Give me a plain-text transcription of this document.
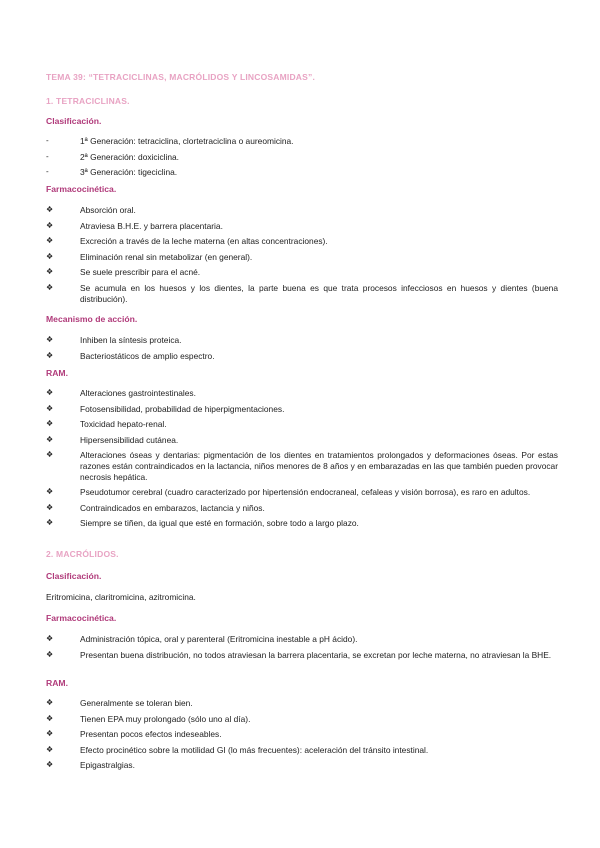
TEMA 39: “TETRACICLINAS, MACRÓLIDOS Y LINCOSAMIDAS”.
1. TETRACICLINAS.
Clasificación.
-	1ª Generación: tetraciclina, clortetraciclina o aureomicina.
-	2ª Generación: doxiciclina.
-	3ª Generación: tigeciclina.
Farmacocinética.
❖	Absorción oral.
❖	Atraviesa B.H.E. y barrera placentaria.
❖	Excreción a través de la leche materna (en altas concentraciones).
❖	Eliminación renal sin metabolizar (en general).
❖	Se suele prescribir para el acné.
❖	Se acumula en los huesos y los dientes, la parte buena es que trata procesos infecciosos en huesos y dientes (buena distribución).
Mecanismo de acción.
❖	Inhiben la síntesis proteica.
❖	Bacteriostáticos de amplio espectro.
RAM.
❖	Alteraciones gastrointestinales.
❖	Fotosensibilidad, probabilidad de hiperpigmentaciones.
❖	Toxicidad hepato-renal.
❖	Hipersensibilidad cutánea.
❖	Alteraciones óseas y dentarias: pigmentación de los dientes en tratamientos prolongados y deformaciones óseas. Por estas razones están contraindicados en la lactancia, niños menores de 8 años y en embarazadas en las que también pueden provocar necrosis hepática.
❖	Pseudotumor cerebral (cuadro caracterizado por hipertensión endocraneal, cefaleas y visión borrosa), es raro en adultos.
❖	Contraindicados en embarazos, lactancia y niños.
❖	Siempre se tiñen, da igual que esté en formación, sobre todo a largo plazo.
2. MACRÓLIDOS.
Clasificación.
Eritromicina, claritromicina, azitromicina.
Farmacocinética.
❖	Administración tópica, oral y parenteral (Eritromicina inestable a pH ácido).
❖	Presentan buena distribución, no todos atraviesan la barrera placentaria, se excretan por leche materna, no atraviesan la BHE.
RAM.
❖	Generalmente se toleran bien.
❖	Tienen EPA muy prolongado (sólo uno al día).
❖	Presentan pocos efectos indeseables.
❖	Efecto procinético sobre la motilidad GI (lo más frecuentes): aceleración del tránsito intestinal.
❖	Epigastralgias.
